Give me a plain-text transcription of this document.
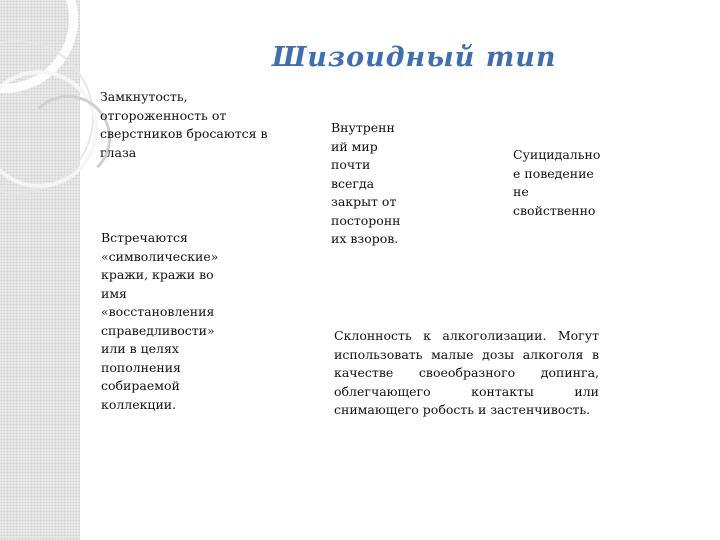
Шизоидный тип

Замкнутость,
отгороженность от
сверстников бросаются в
глаза

Встречаются
«символические»
кражи, кражи во
имя
«восстановления
справедливости»
или в целях
пополнения
собираемой
коллекции.

Внутренн
ий мир
почти
всегда
закрыт от
посторонн
их взоров.

Суицидально
е поведение
не
свойственно

Склонность к алкоголизации. Могут использовать малые дозы алкоголя в качестве своеобразного допинга, облегчающего контакты или снимающего робость и застенчивость.
